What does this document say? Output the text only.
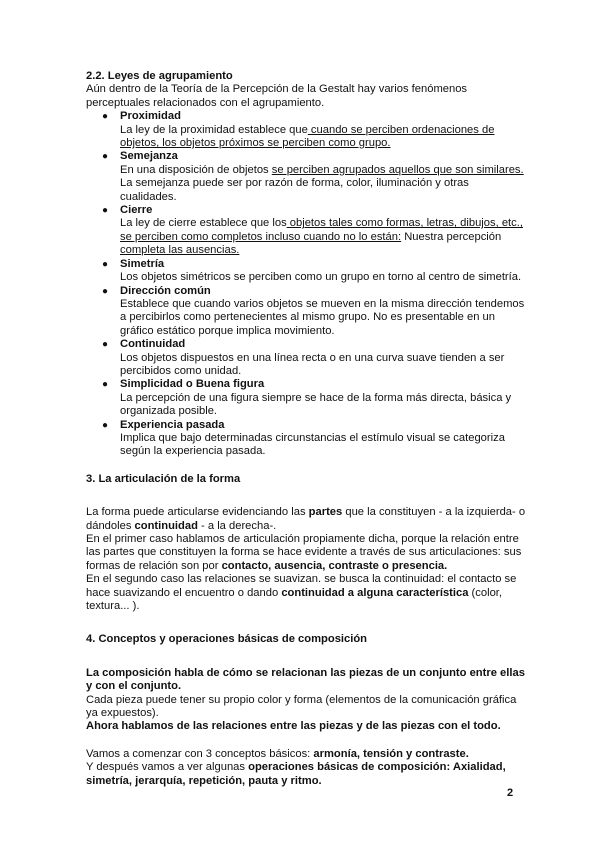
2.2. Leyes de agrupamiento

Aún dentro de la Teoría de la Percepción de la Gestalt hay varios fenómenos perceptuales relacionados con el agrupamiento.

● Proximidad
La ley de la proximidad establece que cuando se perciben ordenaciones de objetos, los objetos próximos se perciben como grupo.
● Semejanza
En una disposición de objetos se perciben agrupados aquellos que son similares. La semejanza puede ser por razón de forma, color, iluminación y otras cualidades.
● Cierre
La ley de cierre establece que los objetos tales como formas, letras, dibujos, etc., se perciben como completos incluso cuando no lo están: Nuestra percepción completa las ausencias.
● Simetría
Los objetos simétricos se perciben como un grupo en torno al centro de simetría.
● Dirección común
Establece que cuando varios objetos se mueven en la misma dirección tendemos a percibirlos como pertenecientes al mismo grupo. No es presentable en un gráfico estático porque implica movimiento.
● Continuidad
Los objetos dispuestos en una línea recta o en una curva suave tienden a ser percibidos como unidad.
● Simplicidad o Buena figura
La percepción de una figura siempre se hace de la forma más directa, básica y organizada posible.
● Experiencia pasada
Implica que bajo determinadas circunstancias el estímulo visual se categoriza según la experiencia pasada.

3. La articulación de la forma

La forma puede articularse evidenciando las partes que la constituyen - a la izquierda- o dándoles continuidad - a la derecha-.

En el primer caso hablamos de articulación propiamente dicha, porque la relación entre las partes que constituyen la forma se hace evidente a través de sus articulaciones: sus formas de relación son por contacto, ausencia, contraste o presencia.

En el segundo caso las relaciones se suavizan. se busca la continuidad: el contacto se hace suavizando el encuentro o dando continuidad a alguna característica (color, textura... ).

4. Conceptos y operaciones básicas de composición

La composición habla de cómo se relacionan las piezas de un conjunto entre ellas y con el conjunto.

Cada pieza puede tener su propio color y forma (elementos de la comunicación gráfica ya expuestos).

Ahora hablamos de las relaciones entre las piezas y de las piezas con el todo.

Vamos a comenzar con 3 conceptos básicos: armonía, tensión y contraste.

Y después vamos a ver algunas operaciones básicas de composición: Axialidad, simetría, jerarquía, repetición, pauta y ritmo.

2
